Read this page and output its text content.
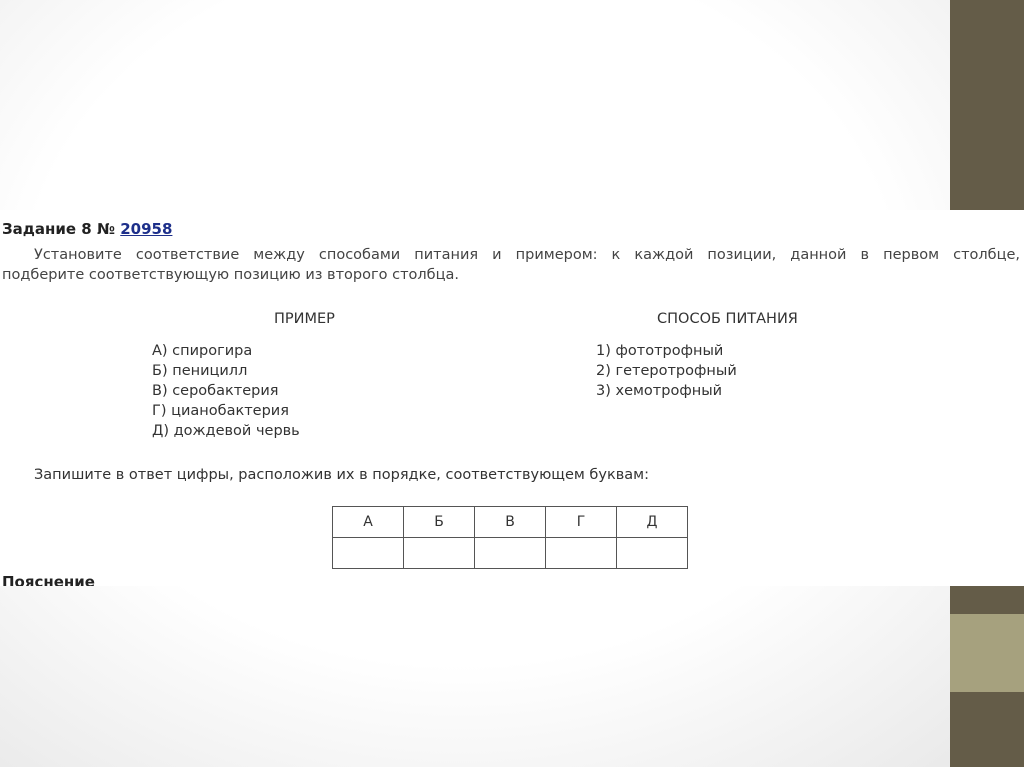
Задание 8 № 20958
Установите соответствие между способами питания и примером: к каждой позиции, данной в первом столбце,
подберите соответствующую позицию из второго столбца.
ПРИМЕР	СПОСОБ ПИТАНИЯ
А) спирогира
Б) пеницилл
В) серобактерия
Г) цианобактерия
Д) дождевой червь
1) фототрофный
2) гетеротрофный
3) хемотрофный
Запишите в ответ цифры, расположив их в порядке, соответствующем буквам:
А	Б	В	Г	Д

Пояснение
